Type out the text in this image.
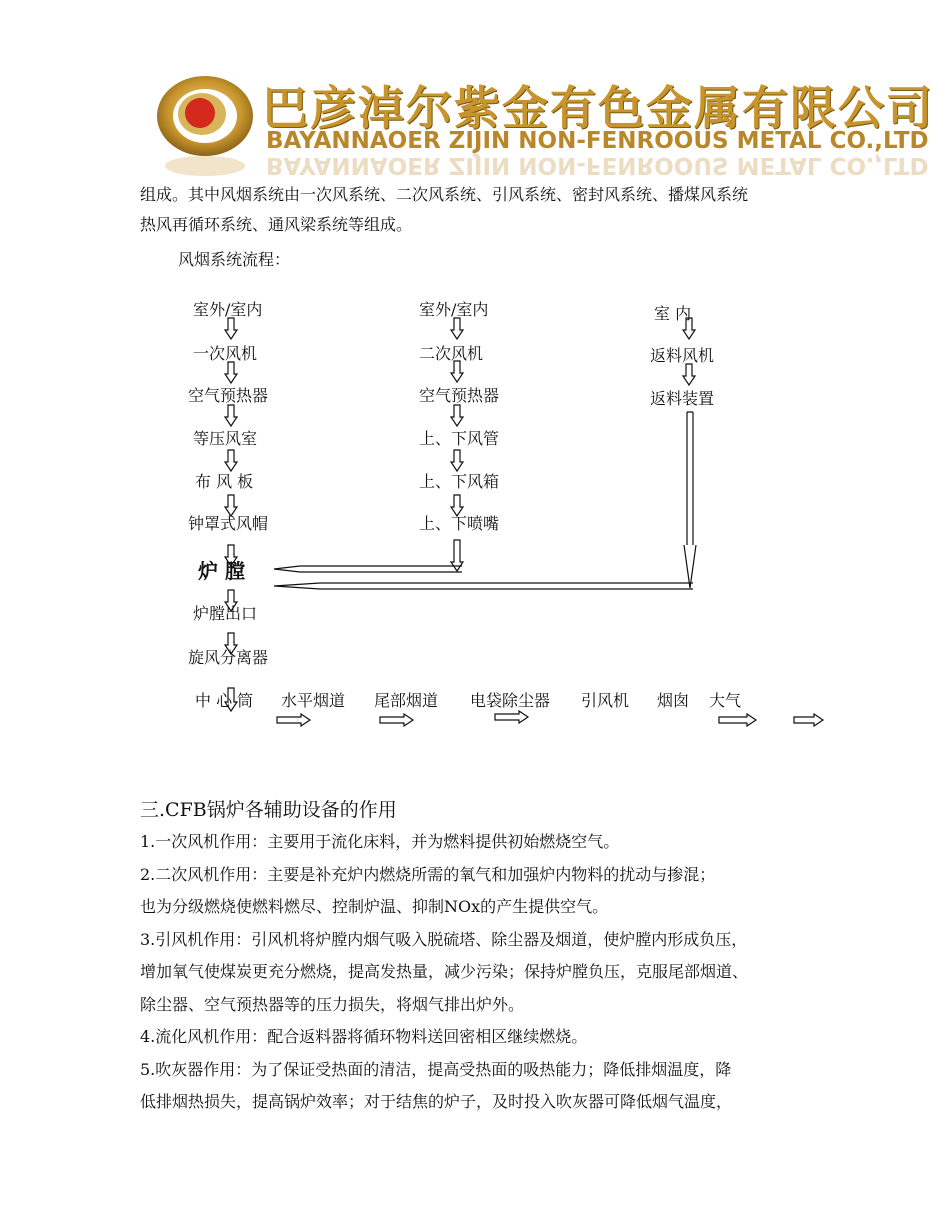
巴彦淖尔紫金有色金属有限公司
BAYANNAOER ZIJIN NON-FENROOUS METAL CO.,LTD
BAYANNAOER ZIJIN NON-FENROOUS METAL CO.,LTD
组成。其中风烟系统由一次风系统、二次风系统、引风系统、密封风系统、播煤风系统
热风再循环系统、通风梁系统等组成。
风烟系统流程：
室外/室内
一次风机
空气预热器
等压风室
布 风 板
钟罩式风帽
室外/室内
二次风机
空气预热器
上、下风管
上、下风箱
上、下喷嘴
室 内
返料风机
返料装置
炉 膛
炉膛出口
旋风分离器
中 心 筒 水平烟道 尾部烟道 电袋除尘器 引风机 烟囱 大气
三.CFB锅炉各辅助设备的作用
1.一次风机作用：主要用于流化床料，并为燃料提供初始燃烧空气。
2.二次风机作用：主要是补充炉内燃烧所需的氧气和加强炉内物料的扰动与掺混；
也为分级燃烧使燃料燃尽、控制炉温、抑制NOx的产生提供空气。
3.引风机作用：引风机将炉膛内烟气吸入脱硫塔、除尘器及烟道，使炉膛内形成负压，
增加氧气使煤炭更充分燃烧，提高发热量，减少污染；保持炉膛负压，克服尾部烟道、
除尘器、空气预热器等的压力损失，将烟气排出炉外。
4.流化风机作用：配合返料器将循环物料送回密相区继续燃烧。
5.吹灰器作用：为了保证受热面的清洁，提高受热面的吸热能力；降低排烟温度，降
低排烟热损失，提高锅炉效率；对于结焦的炉子，及时投入吹灰器可降低烟气温度，
